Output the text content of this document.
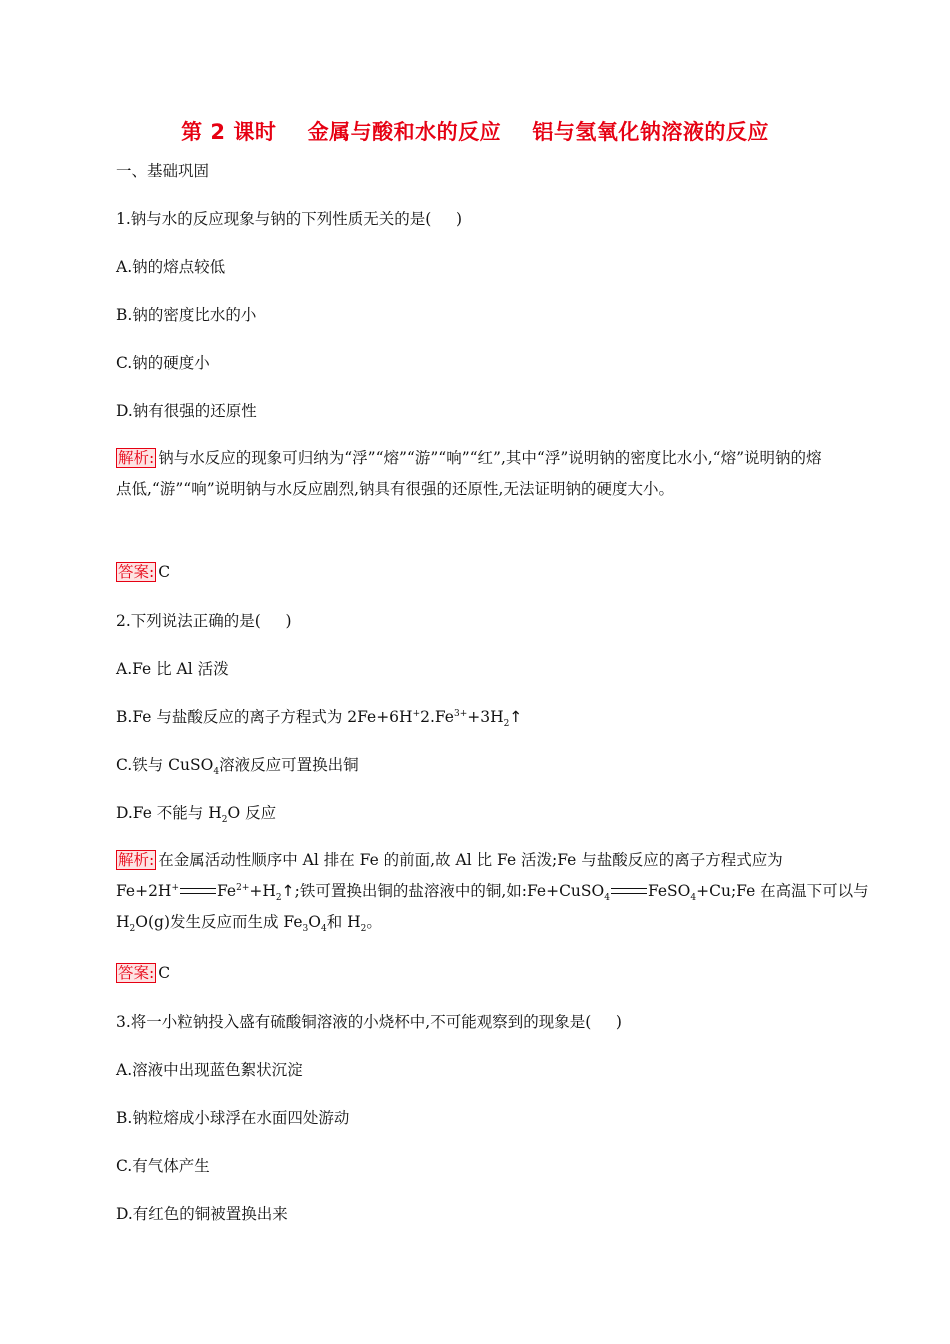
第 2 课时    金属与酸和水的反应    铝与氢氧化钠溶液的反应
一、基础巩固
1.钠与水的反应现象与钠的下列性质无关的是(     )
A.钠的熔点较低
B.钠的密度比水的小
C.钠的硬度小
D.钠有很强的还原性
解析: 钠与水反应的现象可归纳为“浮”“熔”“游”“响”“红”,其中“浮”说明钠的密度比水小,“熔”说明钠的熔点低,“游”“响”说明钠与水反应剧烈,钠具有很强的还原性,无法证明钠的硬度大小。
答案: C
2.下列说法正确的是(     )
A.Fe 比 Al 活泼
B.Fe 与盐酸反应的离子方程式为 $2Fe+6H^+2.Fe^{3+}+3H_2↑$
C.铁与 CuSO$_4$溶液反应可置换出铜
D.Fe 不能与 $H_2O$ 反应
解析: 在金属活动性顺序中 Al 排在 Fe 的前面,故 Al 比 Fe 活泼;Fe 与盐酸反应的离子方程式应为
Fe+2H+ $Fe^{2+}+H_2↑$;铁可置换出铜的盐溶液中的铜,如:Fe+CuSO$_4$ FeSO$_4$+Cu;Fe 在高温下可以与
$H_2O(g)$发生反应而生成 $Fe_3O_4$和 $H_2$。
答案: C
3.将一小粒钠投入盛有硫酸铜溶液的小烧杯中,不可能观察到的现象是(     )
A.溶液中出现蓝色絮状沉淀
B.钠粒熔成小球浮在水面四处游动
C.有气体产生
D.有红色的铜被置换出来
